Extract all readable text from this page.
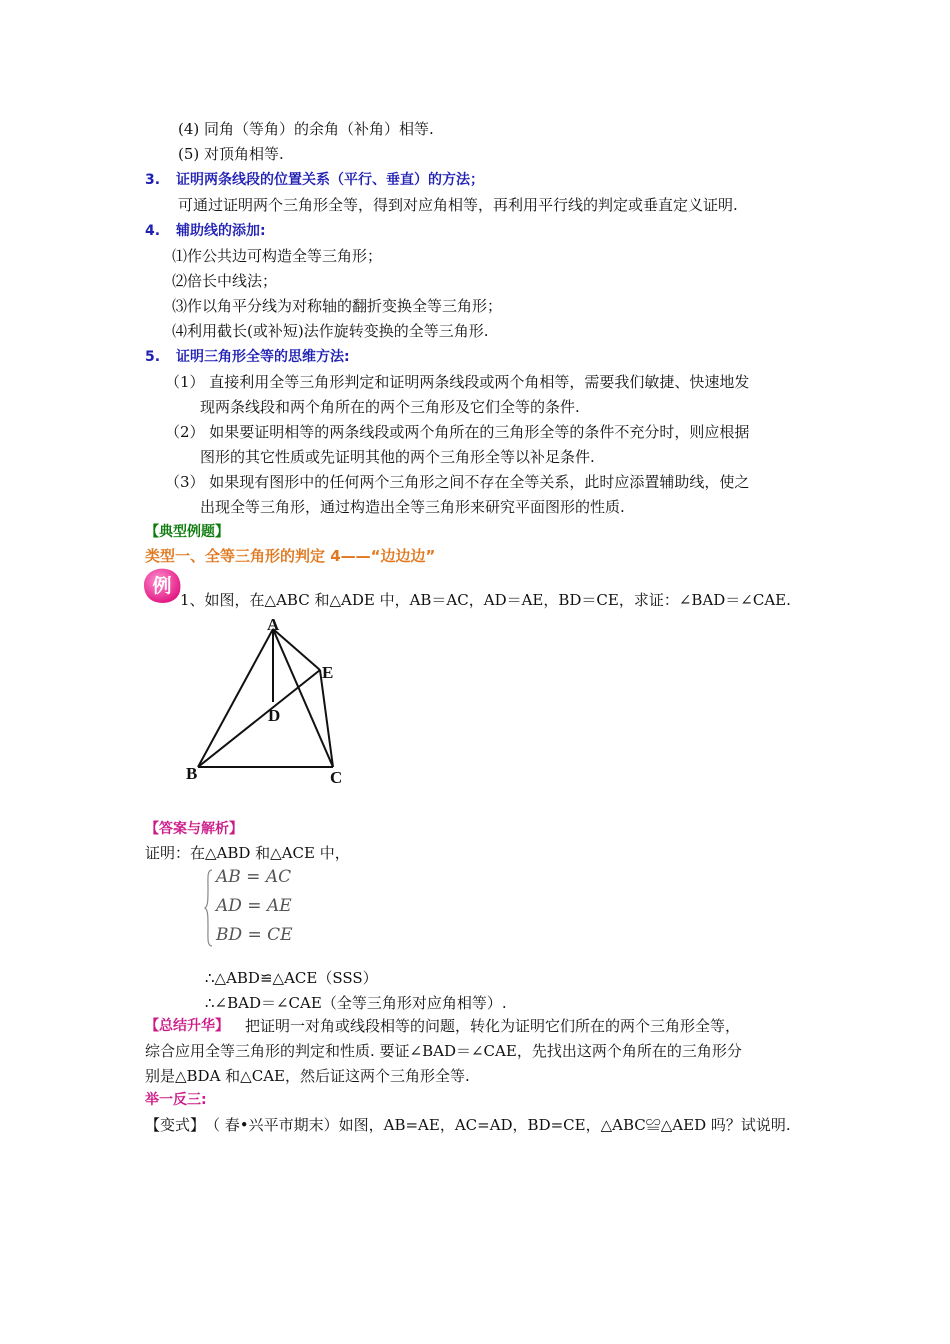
(4) 同角（等角）的余角（补角）相等.
(5) 对顶角相等.
3. 证明两条线段的位置关系（平行、垂直）的方法；
可通过证明两个三角形全等，得到对应角相等，再利用平行线的判定或垂直定义证明.
4. 辅助线的添加:
⑴作公共边可构造全等三角形；
⑵倍长中线法；
⑶作以角平分线为对称轴的翻折变换全等三角形；
⑷利用截长(或补短)法作旋转变换的全等三角形.
5. 证明三角形全等的思维方法:
（1） 直接利用全等三角形判定和证明两条线段或两个角相等，需要我们敏捷、快速地发
现两条线段和两个角所在的两个三角形及它们全等的条件.
（2） 如果要证明相等的两条线段或两个角所在的三角形全等的条件不充分时，则应根据
图形的其它性质或先证明其他的两个三角形全等以补足条件.
（3） 如果现有图形中的任何两个三角形之间不存在全等关系，此时应添置辅助线，使之
出现全等三角形，通过构造出全等三角形来研究平面图形的性质.
【典型例题】
类型一、全等三角形的判定 4——“边边边”
例
1、如图，在△ABC 和△ADE 中，AB＝AC，AD＝AE，BD＝CE，求证：∠BAD＝∠CAE.
A
E
D
B	C
【答案与解析】
证明：在△ABD 和△ACE 中，
AB = AC
AD = AE
BD = CE
∴△ABD≌△ACE（SSS）
∴∠BAD＝∠CAE（全等三角形对应角相等）.
【总结升华】 把证明一对角或线段相等的问题，转化为证明它们所在的两个三角形全等，
综合应用全等三角形的判定和性质. 要证∠BAD＝∠CAE，先找出这两个角所在的三角形分
别是△BDA 和△CAE，然后证这两个三角形全等.
举一反三:
【变式】 （ 春•兴平市期末）如图，AB=AE，AC=AD，BD=CE，△ABC≌△AED 吗？试说明.
